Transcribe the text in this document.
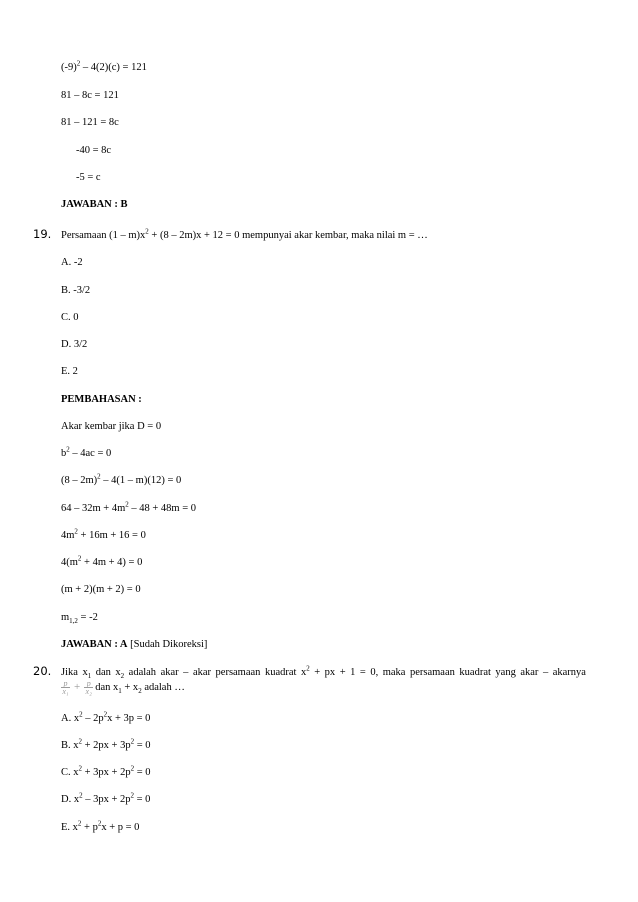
$(-9)^2 - 4(2)(c) = 121$
81 – 8c = 121
81 – 121 = 8c
-40 = 8c
-5 = c
JAWABAN : B
19. Persamaan $(1 - m)x^2 + (8 - 2m)x + 12 = 0$ mempunyai akar kembar, maka nilai m = …
A. -2
B. -3/2
C. 0
D. 3/2
E. 2
PEMBAHASAN :
Akar kembar jika D = 0
$b^2 - 4ac = 0$
(8 – 2m)$^2$ – 4(1 – m)(12) = 0
$64 - 32m + 4m^2 - 48 + 48m = 0$
$4m^2 + 16m + 16 = 0$
$4(m^2 + 4m + 4) = 0$
(m + 2)(m + 2) = 0
$m_{1,2} = -2$
JAWABAN : A [Sudah Dikoreksi]
20. Jika $x_1$ dan $x_2$ adalah akar – akar persamaan kuadrat $x^2$ + px + 1 = 0, maka persamaan kuadrat yang akar – akarnya
$\frac{p}{\text{x₁}} + \frac{p}{\text{x₂}}$ dan $x_1 + x_2$ adalah …
A. $x^2 - 2p^2x + 3p = 0$
B. $x^2 + 2px + 3p^2 = 0$
C. $x^2 + 3px + 2p^2 = 0$
D. $x^2 - 3px + 2p^2 = 0$
E. $x^2 + p^2x + p = 0$
